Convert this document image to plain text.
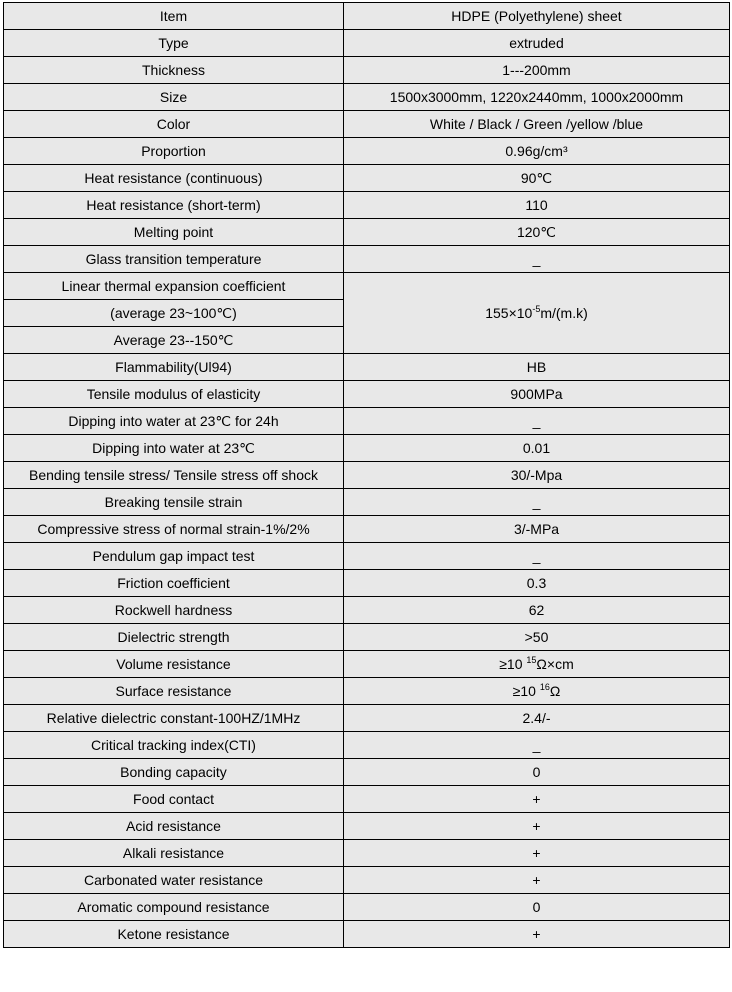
Item	HDPE (Polyethylene) sheet
Type	extruded
Thickness	1---200mm
Size	1500x3000mm, 1220x2440mm, 1000x2000mm
Color	White / Black / Green /yellow /blue
Proportion	0.96g/cm³
Heat resistance (continuous)	90℃
Heat resistance (short-term)	110
Melting point	120℃
Glass transition temperature	_
Linear thermal expansion coefficient	$155\times 10^{-5}m/(m.k)$
(average 23~100℃)	
Average 23--150℃	
Flammability(Ul94)	HB
Tensile modulus of elasticity	900MPa
Dipping into water at 23℃ for 24h	_
Dipping into water at 23℃	0.01
Bending tensile stress/ Tensile stress off shock	30/-Mpa
Breaking tensile strain	_
Compressive stress of normal strain-1%/2%	3/-MPa
Pendulum gap impact test	_
Friction coefficient	0.3
Rockwell hardness	62
Dielectric strength	>50
Volume resistance	≥10 $^{15}$Ω×cm
Surface resistance	≥10 $^{16}$Ω
Relative dielectric constant-100HZ/1MHz	2.4/-
Critical tracking index(CTI)	_
Bonding capacity	0
Food contact	+
Acid resistance	+
Alkali resistance	+
Carbonated water resistance	+
Aromatic compound resistance	0
Ketone resistance	+
